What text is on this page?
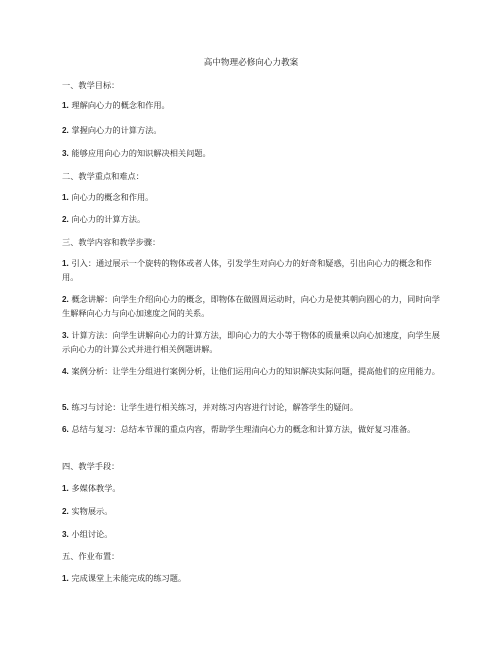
高中物理必修向心力教案

一、教学目标：

1. 理解向心力的概念和作用。

2. 掌握向心力的计算方法。

3. 能够应用向心力的知识解决相关问题。

二、教学重点和难点：

1. 向心力的概念和作用。

2. 向心力的计算方法。

三、教学内容和教学步骤：

1. 引入：通过展示一个旋转的物体或者人体，引发学生对向心力的好奇和疑惑，引出向心力的概念和作用。

2. 概念讲解：向学生介绍向心力的概念，即物体在做圆周运动时，向心力是使其朝向圆心的力，同时向学生解释向心力与向心加速度之间的关系。

3. 计算方法：向学生讲解向心力的计算方法，即向心力的大小等于物体的质量乘以向心加速度，向学生展示向心力的计算公式并进行相关例题讲解。

4. 案例分析：让学生分组进行案例分析，让他们运用向心力的知识解决实际问题，提高他们的应用能力。

5. 练习与讨论：让学生进行相关练习，并对练习内容进行讨论，解答学生的疑问。

6. 总结与复习：总结本节课的重点内容，帮助学生理清向心力的概念和计算方法，做好复习准备。

四、教学手段：

1. 多媒体教学。

2. 实物展示。

3. 小组讨论。

五、作业布置：

1. 完成课堂上未能完成的练习题。
